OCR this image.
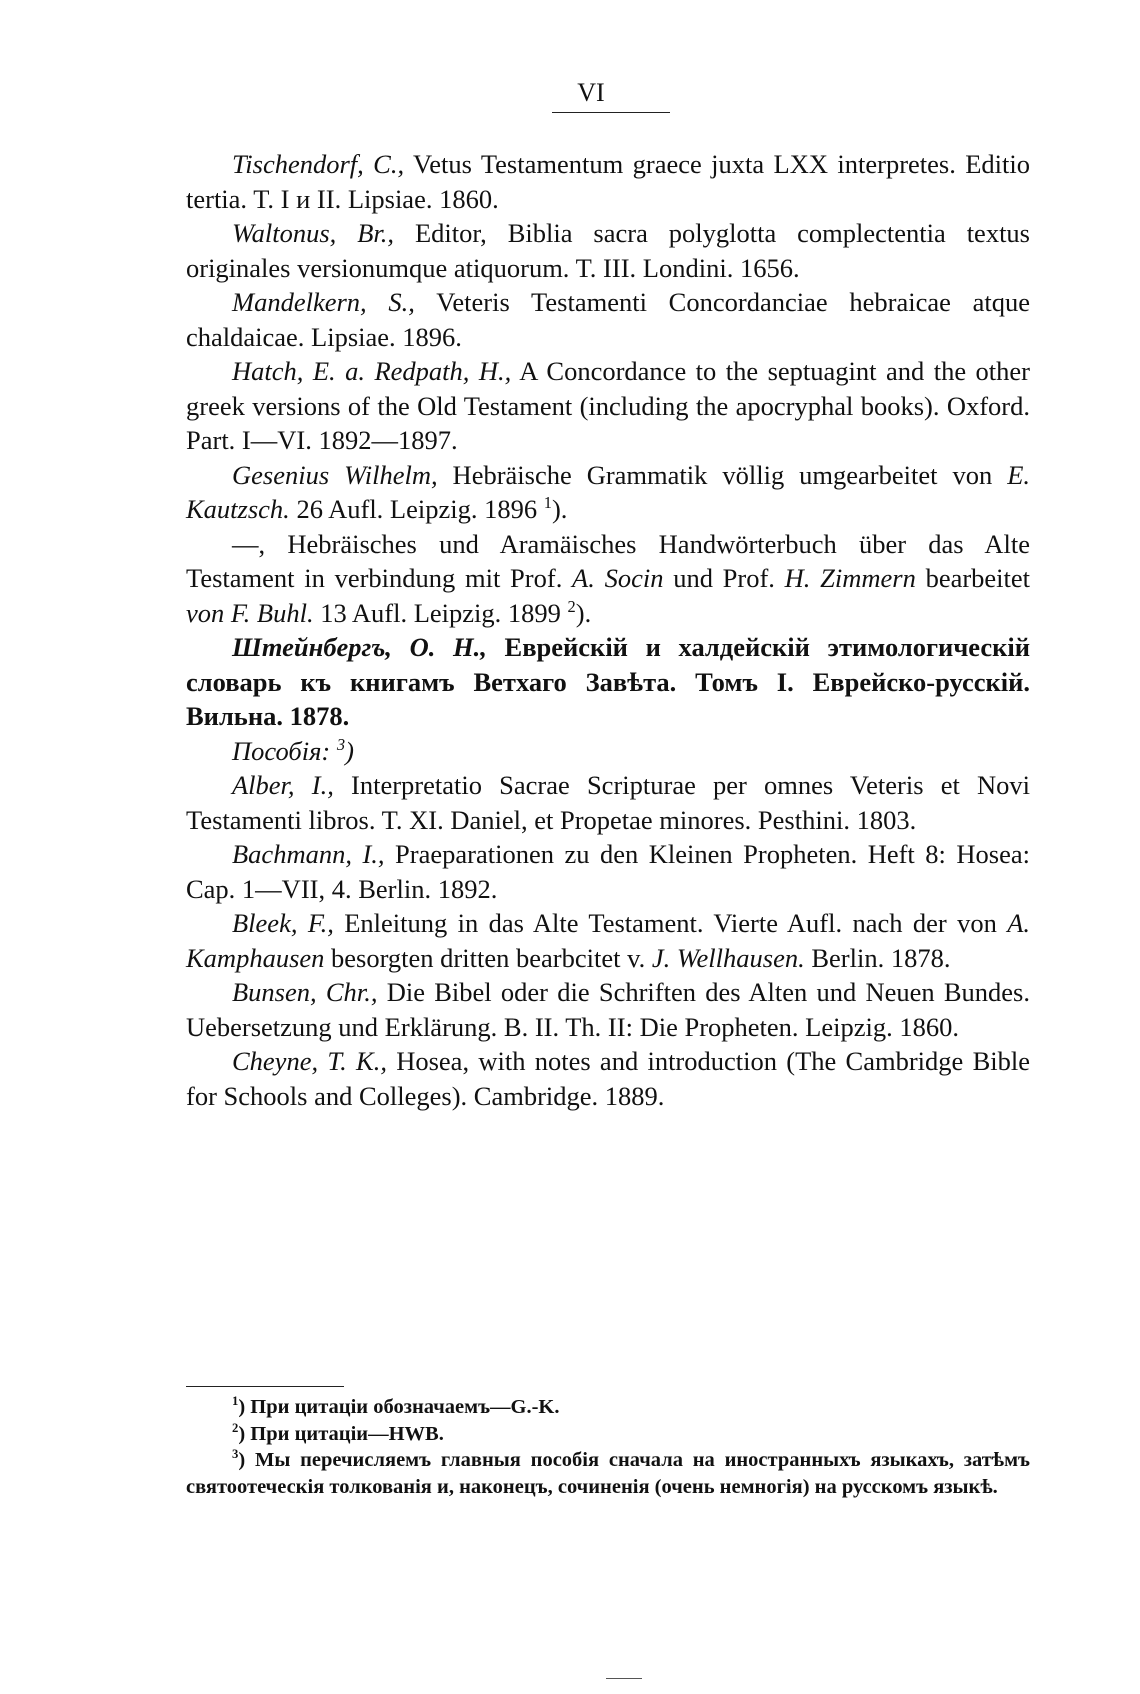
VI

Tischendorf, C., Vetus Testamentum graece juxta LXX interpretes. Editio tertia. T. I и II. Lipsiae. 1860.

Waltonus, Br., Editor, Biblia sacra polyglotta complectentia textus originales versionumque atiquorum. T. III. Londini. 1656.

Mandelkern, S., Veteris Testamenti Concordanciae hebraicae atque chaldaicae. Lipsiae. 1896.

Hatch, E. a. Redpath, H., A Concordance to the septuagint and the other greek versions of the Old Testament (including the apocryphal books). Oxford. Part. I—VI. 1892—1897.

Gesenius Wilhelm, Hebräische Grammatik völlig umgearbeitet von E. Kautzsch. 26 Aufl. Leipzig. 1896 $^1$).

—, Hebräisches und Aramäisches Handwörterbuch über das Alte Testament in verbindung mit Prof. A. Socin und Prof. H. Zimmern bearbeitet von F. Buhl. 13 Aufl. Leipzig. 1899 $^2$).

Штейнбергъ, О. Н., Еврейскій и халдейскій этимологическій словарь къ книгамъ Ветхаго Завѣта. Томъ I. Еврейско-русскій. Вильна. 1878.

Пособія: $^3$)

Alber, I., Interpretatio Sacrae Scripturae per omnes Veteris et Novi Testamenti libros. T. XI. Daniel, et Propetae minores. Pesthini. 1803.

Bachmann, I., Praeparationen zu den Kleinen Propheten. Heft 8: Hosea: Cap. 1—VII, 4. Berlin. 1892.

Bleek, F., Enleitung in das Alte Testament. Vierte Aufl. nach der von A. Kamphausen besorgten dritten bearbcitet v. J. Wellhausen. Berlin. 1878.

Bunsen, Chr., Die Bibel oder die Schriften des Alten und Neuen Bundes. Uebersetzung und Erklärung. B. II. Th. II: Die Propheten. Leipzig. 1860.

Cheyne, T. K., Hosea, with notes and introduction (The Cambridge Bible for Schools and Colleges). Cambridge. 1889.

$^1$) При цитаціи обозначаемъ—G.-K.

$^2$) При цитаціи—HWB.

$^3$) Мы перечисляемъ главныя пособія сначала на иностранныхъ языкахъ, затѣмъ святоотеческія толкованія и, наконецъ, сочиненія (очень немногія) на русскомъ языкѣ.
